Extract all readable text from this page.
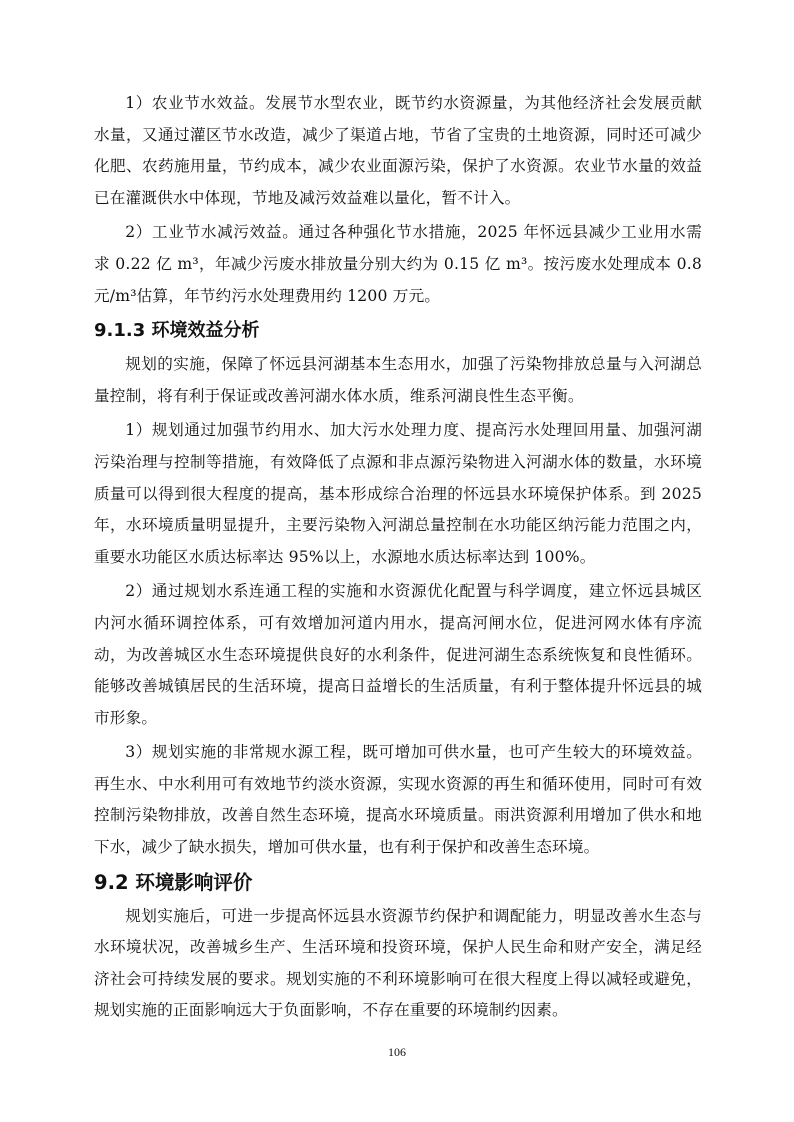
1）农业节水效益。发展节水型农业，既节约水资源量，为其他经济社会发展贡献水量，又通过灌区节水改造，减少了渠道占地，节省了宝贵的土地资源，同时还可减少化肥、农药施用量，节约成本，减少农业面源污染，保护了水资源。农业节水量的效益已在灌溉供水中体现，节地及减污效益难以量化，暂不计入。

2）工业节水减污效益。通过各种强化节水措施，2025 年怀远县减少工业用水需求 0.22 亿 m³，年减少污废水排放量分别大约为 0.15 亿 m³。按污废水处理成本 0.8 元/m³估算，年节约污水处理费用约 1200 万元。

9.1.3 环境效益分析

规划的实施，保障了怀远县河湖基本生态用水，加强了污染物排放总量与入河湖总量控制，将有利于保证或改善河湖水体水质，维系河湖良性生态平衡。

1）规划通过加强节约用水、加大污水处理力度、提高污水处理回用量、加强河湖污染治理与控制等措施，有效降低了点源和非点源污染物进入河湖水体的数量，水环境质量可以得到很大程度的提高，基本形成综合治理的怀远县水环境保护体系。到 2025 年，水环境质量明显提升，主要污染物入河湖总量控制在水功能区纳污能力范围之内，重要水功能区水质达标率达 95%以上，水源地水质达标率达到 100%。

2）通过规划水系连通工程的实施和水资源优化配置与科学调度，建立怀远县城区内河水循环调控体系，可有效增加河道内用水，提高河闸水位，促进河网水体有序流动，为改善城区水生态环境提供良好的水利条件，促进河湖生态系统恢复和良性循环。能够改善城镇居民的生活环境，提高日益增长的生活质量，有利于整体提升怀远县的城市形象。

3）规划实施的非常规水源工程，既可增加可供水量，也可产生较大的环境效益。再生水、中水利用可有效地节约淡水资源，实现水资源的再生和循环使用，同时可有效控制污染物排放，改善自然生态环境，提高水环境质量。雨洪资源利用增加了供水和地下水，减少了缺水损失，增加可供水量，也有利于保护和改善生态环境。

9.2 环境影响评价

规划实施后，可进一步提高怀远县水资源节约保护和调配能力，明显改善水生态与水环境状况，改善城乡生产、生活环境和投资环境，保护人民生命和财产安全，满足经济社会可持续发展的要求。规划实施的不利环境影响可在很大程度上得以减轻或避免，规划实施的正面影响远大于负面影响，不存在重要的环境制约因素。

106
